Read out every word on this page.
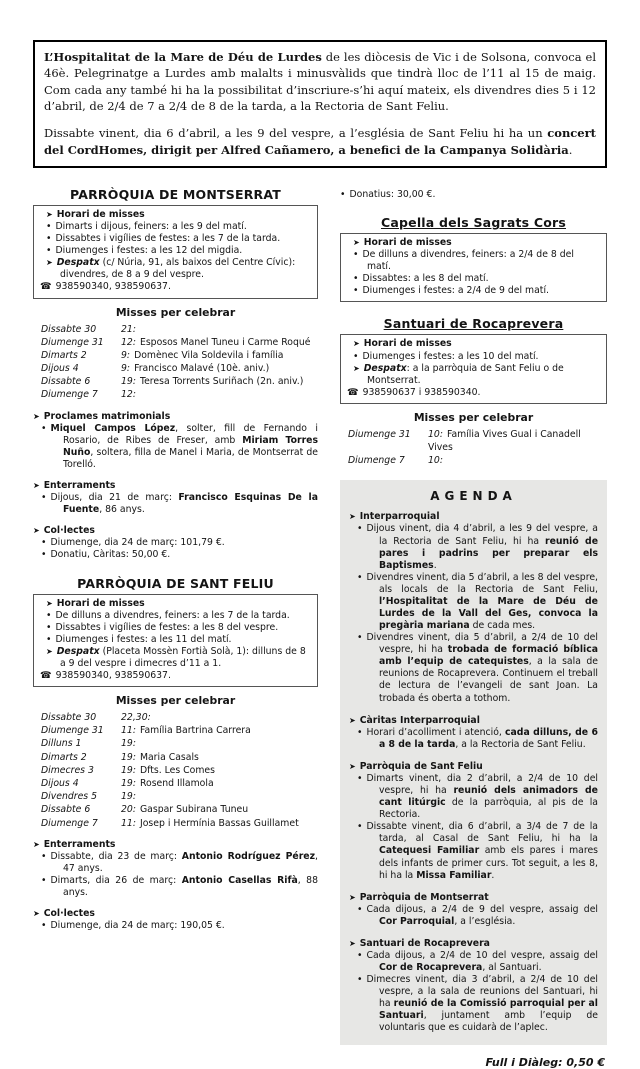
L’Hospitalitat de la Mare de Déu de Lurdes de les diòcesis de Vic i de Solsona, convoca el 46è. Pelegrinatge a Lurdes amb malalts i minusvàlids que tindrà lloc de l’11 al 15 de maig. Com cada any també hi ha la possibilitat d’inscriure-s’hi aquí mateix, els divendres dies 5 i 12 d’abril, de 2/4 de 7 a 2/4 de 8 de la tarda, a la Rectoria de Sant Feliu.
Dissabte vinent, dia 6 d’abril, a les 9 del vespre, a l’església de Sant Feliu hi ha un concert del CordHomes, dirigit per Alfred Cañamero, a benefici de la Campanya Solidària.
PARRÒQUIA DE MONTSERRAT
➤ Horari de misses
• Dimarts i dijous, feiners: a les 9 del matí.
• Dissabtes i vigílies de festes: a les 7 de la tarda.
• Diumenges i festes: a les 12 del migdia.
➤ Despatx (c/ Núria, 91, als baixos del Centre Cívic): divendres, de 8 a 9 del vespre.
☎ 938590340, 938590637.
Misses per celebrar
Dissabte 30	21:
Diumenge 31	12: Esposos Manel Tuneu i Carme Roqué
Dimarts 2	9: Domènec Vila Soldevila i família
Dijous 4	9: Francisco Malavé (10è. aniv.)
Dissabte 6	19: Teresa Torrents Suriñach (2n. aniv.)
Diumenge 7	12:
➤ Proclames matrimonials
• Miquel Campos López, solter, fill de Fernando i Rosario, de Ribes de Freser, amb Miriam Torres Nuño, soltera, filla de Manel i Maria, de Montserrat de Torelló.
➤ Enterraments
• Dijous, dia 21 de març: Francisco Esquinas De la Fuente, 86 anys.
➤ Col·lectes
• Diumenge, dia 24 de març: 101,79 €.
• Donatiu, Càritas: 50,00 €.
PARRÒQUIA DE SANT FELIU
➤ Horari de misses
• De dilluns a divendres, feiners: a les 7 de la tarda.
• Dissabtes i vigílies de festes: a les 8 del vespre.
• Diumenges i festes: a les 11 del matí.
➤ Despatx (Placeta Mossèn Fortià Solà, 1): dilluns de 8 a 9 del vespre i dimecres d’11 a 1.
☎ 938590340, 938590637.
Misses per celebrar
Dissabte 30	22,30:
Diumenge 31	11: Família Bartrina Carrera
Dilluns 1	19:
Dimarts 2	19: Maria Casals
Dimecres 3	19: Dfts. Les Comes
Dijous 4	19: Rosend Illamola
Divendres 5	19:
Dissabte 6	20: Gaspar Subirana Tuneu
Diumenge 7	11: Josep i Hermínia Bassas Guillamet
➤ Enterraments
• Dissabte, dia 23 de març: Antonio Rodríguez Pérez, 47 anys.
• Dimarts, dia 26 de març: Antonio Casellas Rifà, 88 anys.
➤ Col·lectes
• Diumenge, dia 24 de març: 190,05 €.
• Donatius: 30,00 €.
Capella dels Sagrats Cors
➤ Horari de misses
• De dilluns a divendres, feiners: a 2/4 de 8 del matí.
• Dissabtes: a les 8 del matí.
• Diumenges i festes: a 2/4 de 9 del matí.
Santuari de Rocaprevera
➤ Horari de misses
• Diumenges i festes: a les 10 del matí.
➤ Despatx: a la parròquia de Sant Feliu o de Montserrat.
☎ 938590637 i 938590340.
Misses per celebrar
Diumenge 31	10: Família Vives Gual i Canadell Vives
Diumenge 7	10:
AGENDA
➤ Interparroquial
• Dijous vinent, dia 4 d’abril, a les 9 del vespre, a la Rectoria de Sant Feliu, hi ha reunió de pares i padrins per preparar els Baptismes.
• Divendres vinent, dia 5 d’abril, a les 8 del vespre, als locals de la Rectoria de Sant Feliu, l’Hospitalitat de la Mare de Déu de Lurdes de la Vall del Ges, convoca la pregària mariana de cada mes.
• Divendres vinent, dia 5 d’abril, a 2/4 de 10 del vespre, hi ha trobada de formació bíblica amb l’equip de catequistes, a la sala de reunions de Rocaprevera. Continuem el treball de lectura de l’evangeli de sant Joan. La trobada és oberta a tothom.
➤ Càritas Interparroquial
• Horari d’acolliment i atenció, cada dilluns, de 6 a 8 de la tarda, a la Rectoria de Sant Feliu.
➤ Parròquia de Sant Feliu
• Dimarts vinent, dia 2 d’abril, a 2/4 de 10 del vespre, hi ha reunió dels animadors de cant litúrgic de la parròquia, al pis de la Rectoria.
• Dissabte vinent, dia 6 d’abril, a 3/4 de 7 de la tarda, al Casal de Sant Feliu, hi ha la Catequesi Familiar amb els pares i mares dels infants de primer curs. Tot seguit, a les 8, hi ha la Missa Familiar.
➤ Parròquia de Montserrat
• Cada dijous, a 2/4 de 9 del vespre, assaig del Cor Parroquial, a l’església.
➤ Santuari de Rocaprevera
• Cada dijous, a 2/4 de 10 del vespre, assaig del Cor de Rocaprevera, al Santuari.
• Dimecres vinent, dia 3 d’abril, a 2/4 de 10 del vespre, a la sala de reunions del Santuari, hi ha reunió de la Comissió parroquial per al Santuari, juntament amb l’equip de voluntaris que es cuidarà de l’aplec.
Full i Diàleg: 0,50 €
